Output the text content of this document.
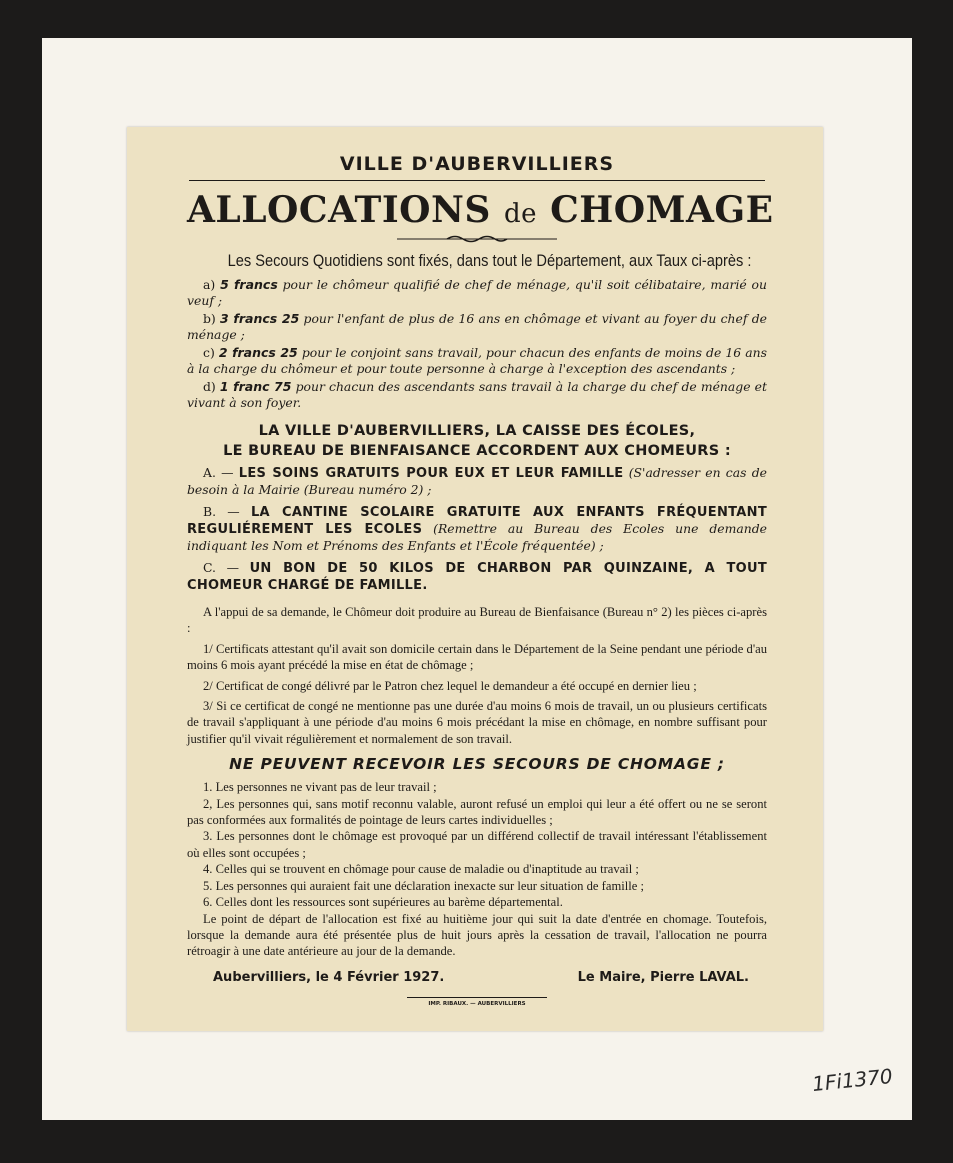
VILLE D'AUBERVILLIERS
ALLOCATIONS de CHOMAGE
Les Secours Quotidiens sont fixés, dans tout le Département, aux Taux ci-après :

a) 5 francs pour le chômeur qualifié de chef de ménage, qu'il soit célibataire, marié ou veuf ;

b) 3 francs 25 pour l'enfant de plus de 16 ans en chômage et vivant au foyer du chef de ménage ;

c) 2 francs 25 pour le conjoint sans travail, pour chacun des enfants de moins de 16 ans à la charge du chômeur et pour toute personne à charge à l'exception des ascendants ;

d) 1 franc 75 pour chacun des ascendants sans travail à la charge du chef de ménage et vivant à son foyer.

LA VILLE D'AUBERVILLIERS, LA CAISSE DES ÉCOLES,
LE BUREAU DE BIENFAISANCE ACCORDENT AUX CHOMEURS :

A. — LES SOINS GRATUITS POUR EUX ET LEUR FAMILLE (S'adresser en cas de besoin à la Mairie (Bureau numéro 2) ;

B. — LA CANTINE SCOLAIRE GRATUITE AUX ENFANTS FRÉQUENTANT REGULIÉREMENT LES ECOLES (Remettre au Bureau des Ecoles une demande indiquant les Nom et Prénoms des Enfants et l'École fréquentée) ;

C. — UN BON DE 50 KILOS DE CHARBON PAR QUINZAINE, A TOUT CHOMEUR CHARGÉ DE FAMILLE.

A l'appui de sa demande, le Chômeur doit produire au Bureau de Bienfaisance (Bureau n° 2) les pièces ci-après :
1/ Certificats attestant qu'il avait son domicile certain dans le Département de la Seine pendant une période d'au moins 6 mois ayant précédé la mise en état de chômage ;
2/ Certificat de congé délivré par le Patron chez lequel le demandeur a été occupé en dernier lieu ;
3/ Si ce certificat de congé ne mentionne pas une durée d'au moins 6 mois de travail, un ou plusieurs certificats de travail s'appliquant à une période d'au moins 6 mois précédant la mise en chômage, en nombre suffisant pour justifier qu'il vivait régulièrement et normalement de son travail.
NE PEUVENT RECEVOIR LES SECOURS DE CHOMAGE ;
1. Les personnes ne vivant pas de leur travail ;
2, Les personnes qui, sans motif reconnu valable, auront refusé un emploi qui leur a été offert ou ne se seront pas conformées aux formalités de pointage de leurs cartes individuelles ;
3. Les personnes dont le chômage est provoqué par un différend collectif de travail intéressant l'établissement où elles sont occupées ;
4. Celles qui se trouvent en chômage pour cause de maladie ou d'inaptitude au travail ;
5. Les personnes qui auraient fait une déclaration inexacte sur leur situation de famille ;
6. Celles dont les ressources sont supérieures au barème départemental.
Le point de départ de l'allocation est fixé au huitième jour qui suit la date d'entrée en chomage. Toutefois, lorsque la demande aura été présentée plus de huit jours après la cessation de travail, l'allocation ne pourra rétroagir à une date antérieure au jour de la demande.
Aubervilliers, le 4 Février 1927.	Le Maire, Pierre LAVAL.
IMP. RIBAUX. — AUBERVILLIERS
1Fi1370
